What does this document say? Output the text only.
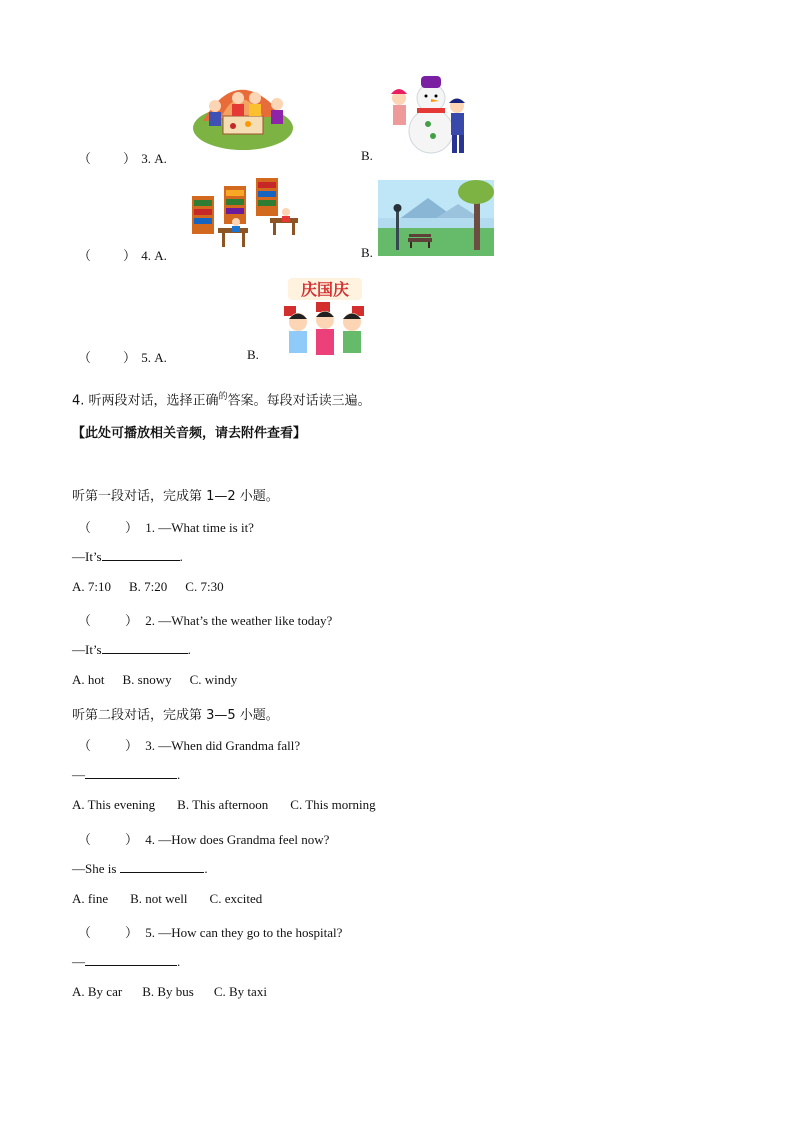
（ ） 3. A.	B.
（ ） 4. A.	B.
（ ） 5. A.	B.
庆国庆
4. 听两段对话，选择正确$^的$答案。每段对话读三遍。
【此处可播放相关音频，请去附件查看】
听第一段对话，完成第 1—2 小题。
（	） 1. —What time is it?
—It’s	.
A. 7:10 B. 7:20 C. 7:30
（	） 2. —What’s the weather like today?
—It’s	.
A. hot B. snowy C. windy
听第二段对话，完成第 3—5 小题。
（	） 3. —When did Grandma fall?
—	.
A. This evening B. This afternoon C. This morning
（	） 4. —How does Grandma feel now?
—She is	.
A. fine B. not well C. excited
（	） 5. —How can they go to the hospital?
—	.
A. By car B. By bus C. By taxi
